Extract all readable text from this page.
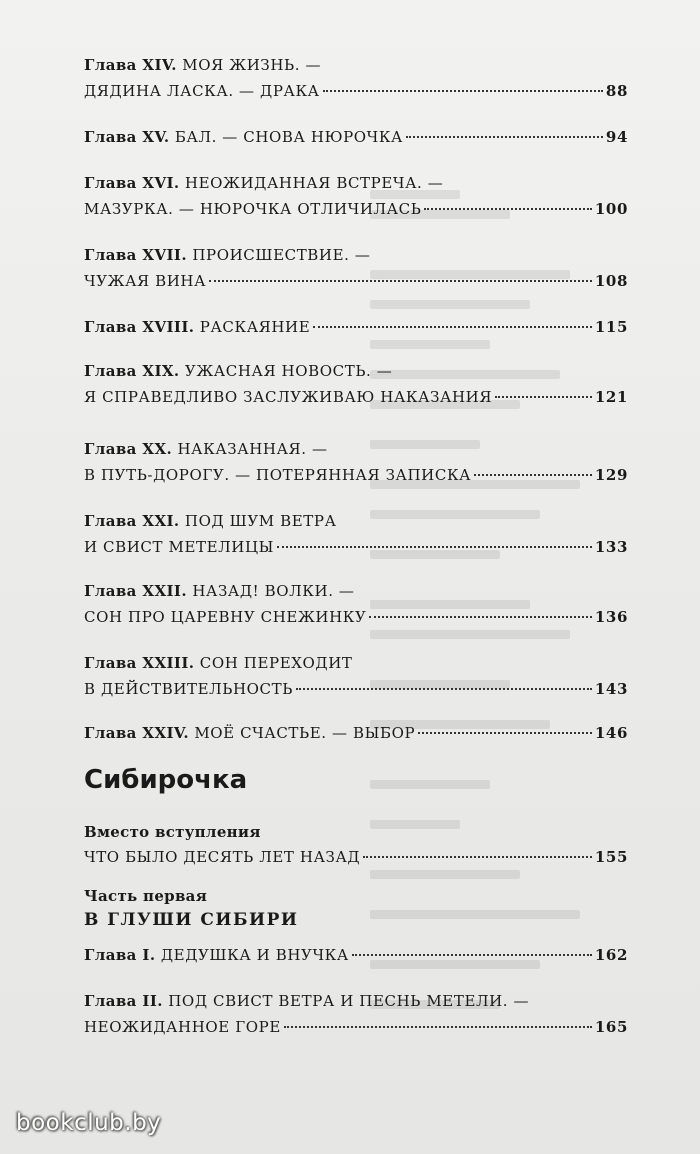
Глава XIV. МОЯ ЖИЗНЬ. —
ДЯДИНА ЛАСКА. — ДРАКА	88
Глава XV. БАЛ. — СНОВА НЮРОЧКА	94
Глава XVI. НЕОЖИДАННАЯ ВСТРЕЧА. —
МАЗУРКА. — НЮРОЧКА ОТЛИЧИЛАСЬ	100
Глава XVII. ПРОИСШЕСТВИЕ. —
ЧУЖАЯ ВИНА	108
Глава XVIII. РАСКАЯНИЕ	115
Глава XIX. УЖАСНАЯ НОВОСТЬ. —
Я СПРАВЕДЛИВО ЗАСЛУЖИВАЮ НАКАЗАНИЯ	121
Глава XX. НАКАЗАННАЯ. —
В ПУТЬ-ДОРОГУ. — ПОТЕРЯННАЯ ЗАПИСКА	129
Глава XXI. ПОД ШУМ ВЕТРА
И СВИСТ МЕТЕЛИЦЫ	133
Глава XXII. НАЗАД! ВОЛКИ. —
СОН ПРО ЦАРЕВНУ СНЕЖИНКУ	136
Глава XXIII. СОН ПЕРЕХОДИТ
В ДЕЙСТВИТЕЛЬНОСТЬ	143
Глава XXIV. МОЁ СЧАСТЬЕ. — ВЫБОР	146
Сибирочка
Вместо вступления
ЧТО БЫЛО ДЕСЯТЬ ЛЕТ НАЗАД	155
Часть первая
В ГЛУШИ СИБИРИ
Глава I. ДЕДУШКА И ВНУЧКА	162
Глава II. ПОД СВИСТ ВЕТРА И ПЕСНЬ МЕТЕЛИ. —
НЕОЖИДАННОЕ ГОРЕ	165
bookclub.by
